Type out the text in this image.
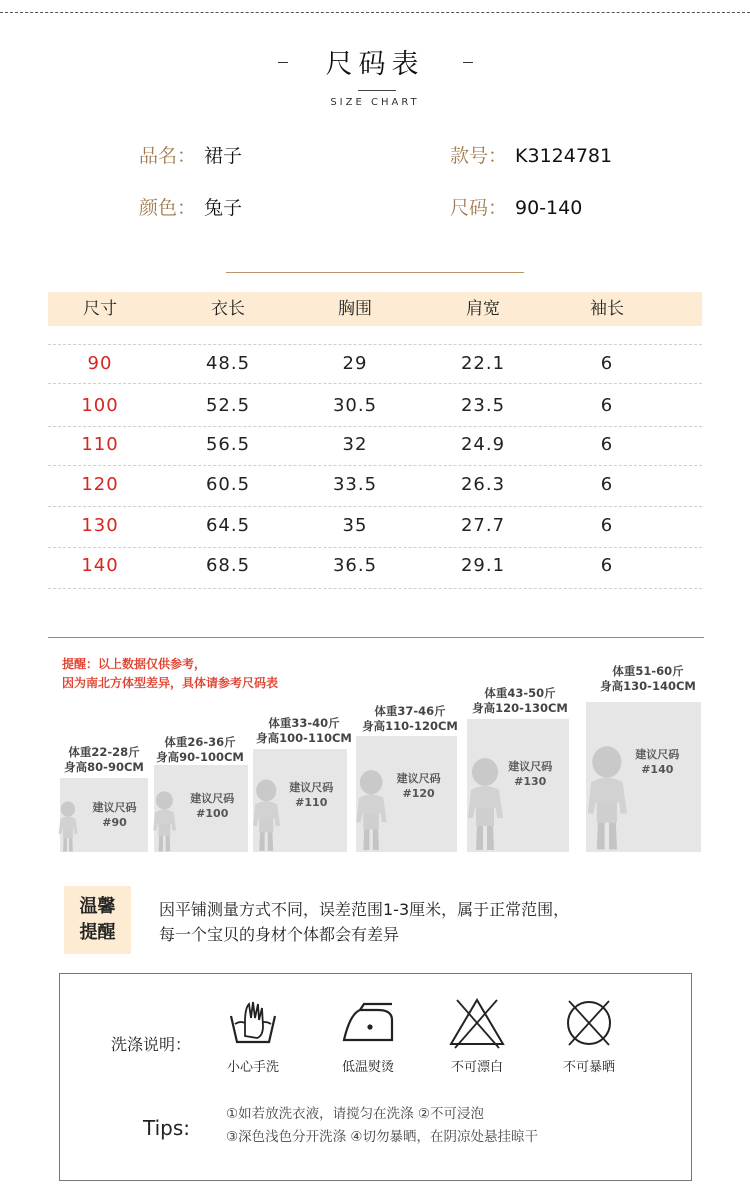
尺码表
SIZE CHART
品名： 裙子	款号： K3124781
颜色： 兔子	尺码： 90-140
尺寸	衣长	胸围	肩宽	袖长
90	48.5	29	22.1	6
100	52.5	30.5	23.5	6
110	56.5	32	24.9	6
120	60.5	33.5	26.3	6
130	64.5	35	27.7	6
140	68.5	36.5	29.1	6
提醒：以上数据仅供参考，
因为南北方体型差异，具体请参考尺码表
体重22-28斤
身高80-90CM
建议尺码
#90
体重26-36斤
身高90-100CM
建议尺码
#100
体重33-40斤
身高100-110CM
建议尺码
#110
体重37-46斤
身高110-120CM
建议尺码
#120
体重43-50斤
身高120-130CM
建议尺码
#130
体重51-60斤
身高130-140CM
建议尺码
#140
温馨
提醒
因平铺测量方式不同，误差范围1-3厘米，属于正常范围，
每一个宝贝的身材个体都会有差异
洗涤说明：
小心手洗	低温熨烫	不可漂白	不可暴晒
Tips:
①如若放洗衣液，请搅匀在洗涤 ②不可浸泡
③深色浅色分开洗涤 ④切勿暴晒，在阴凉处悬挂晾干
